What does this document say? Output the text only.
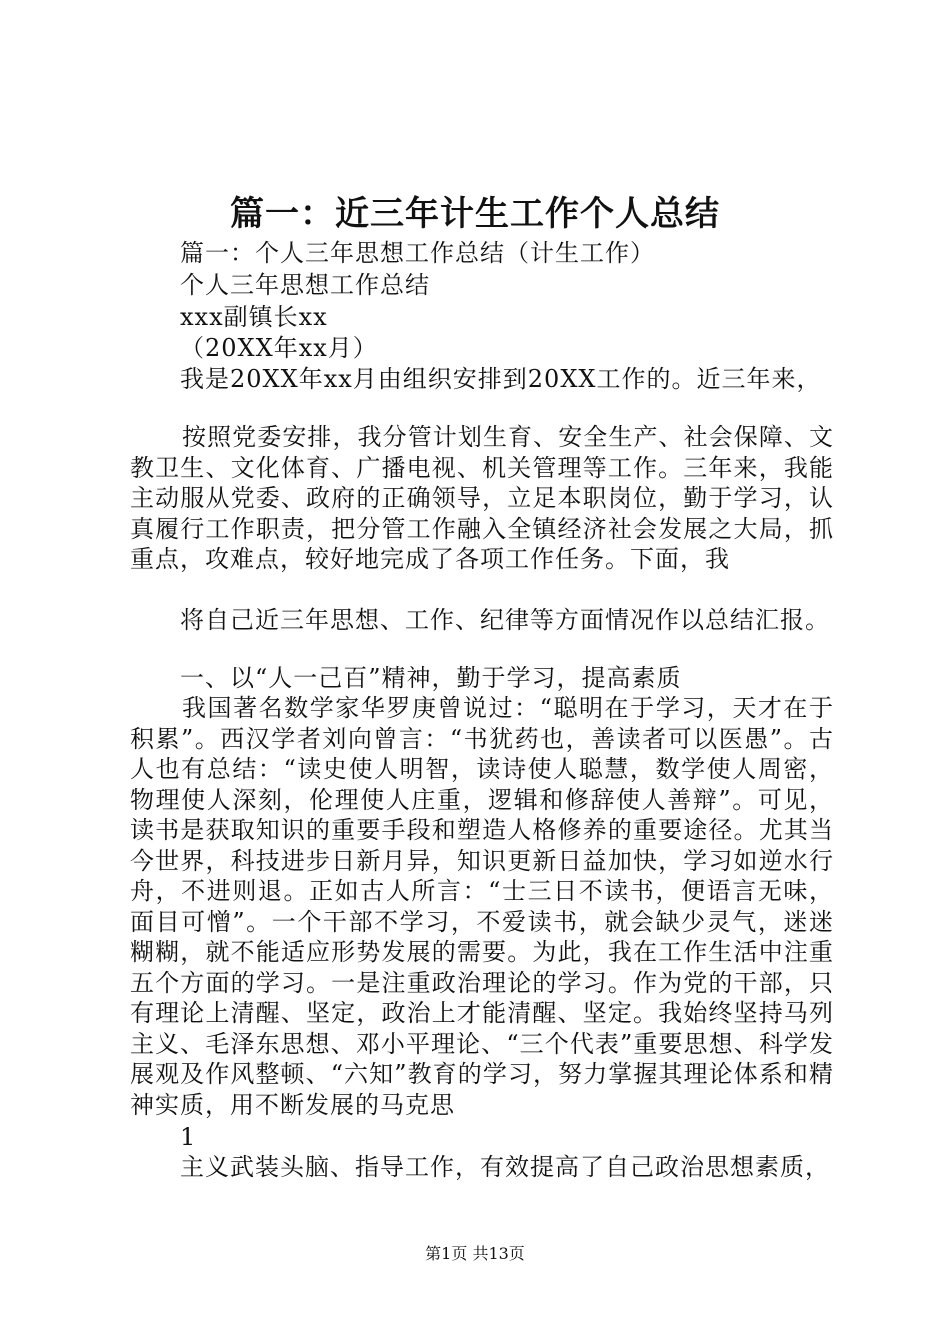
篇一：近三年计生工作个人总结
篇一：个人三年思想工作总结（计生工作）
个人三年思想工作总结
xxx副镇长xx
（20XX年xx月）
我是20XX年xx月由组织安排到20XX工作的。近三年来，
按照党委安排，我分管计划生育、安全生产、社会保障、文教卫生、文化体育、广播电视、机关管理等工作。三年来，我能主动服从党委、政府的正确领导，立足本职岗位，勤于学习，认真履行工作职责，把分管工作融入全镇经济社会发展之大局，抓重点，攻难点，较好地完成了各项工作任务。下面，我
将自己近三年思想、工作、纪律等方面情况作以总结汇报。
一、以“人一己百”精神，勤于学习，提高素质
我国著名数学家华罗庚曾说过：“聪明在于学习，天才在于积累”。西汉学者刘向曾言：“书犹药也，善读者可以医愚”。古人也有总结：“读史使人明智，读诗使人聪慧，数学使人周密，物理使人深刻，伦理使人庄重，逻辑和修辞使人善辩”。可见，读书是获取知识的重要手段和塑造人格修养的重要途径。尤其当今世界，科技进步日新月异，知识更新日益加快，学习如逆水行舟，不进则退。正如古人所言：“士三日不读书，便语言无味，面目可憎”。一个干部不学习，不爱读书，就会缺少灵气，迷迷糊糊，就不能适应形势发展的需要。为此，我在工作生活中注重五个方面的学习。一是注重政治理论的学习。作为党的干部，只有理论上清醒、坚定，政治上才能清醒、坚定。我始终坚持马列主义、毛泽东思想、邓小平理论、“三个代表”重要思想、科学发展观及作风整顿、“六知”教育的学习，努力掌握其理论体系和精神实质，用不断发展的马克思
1
主义武装头脑、指导工作，有效提高了自己政治思想素质，
第1页 共13页
